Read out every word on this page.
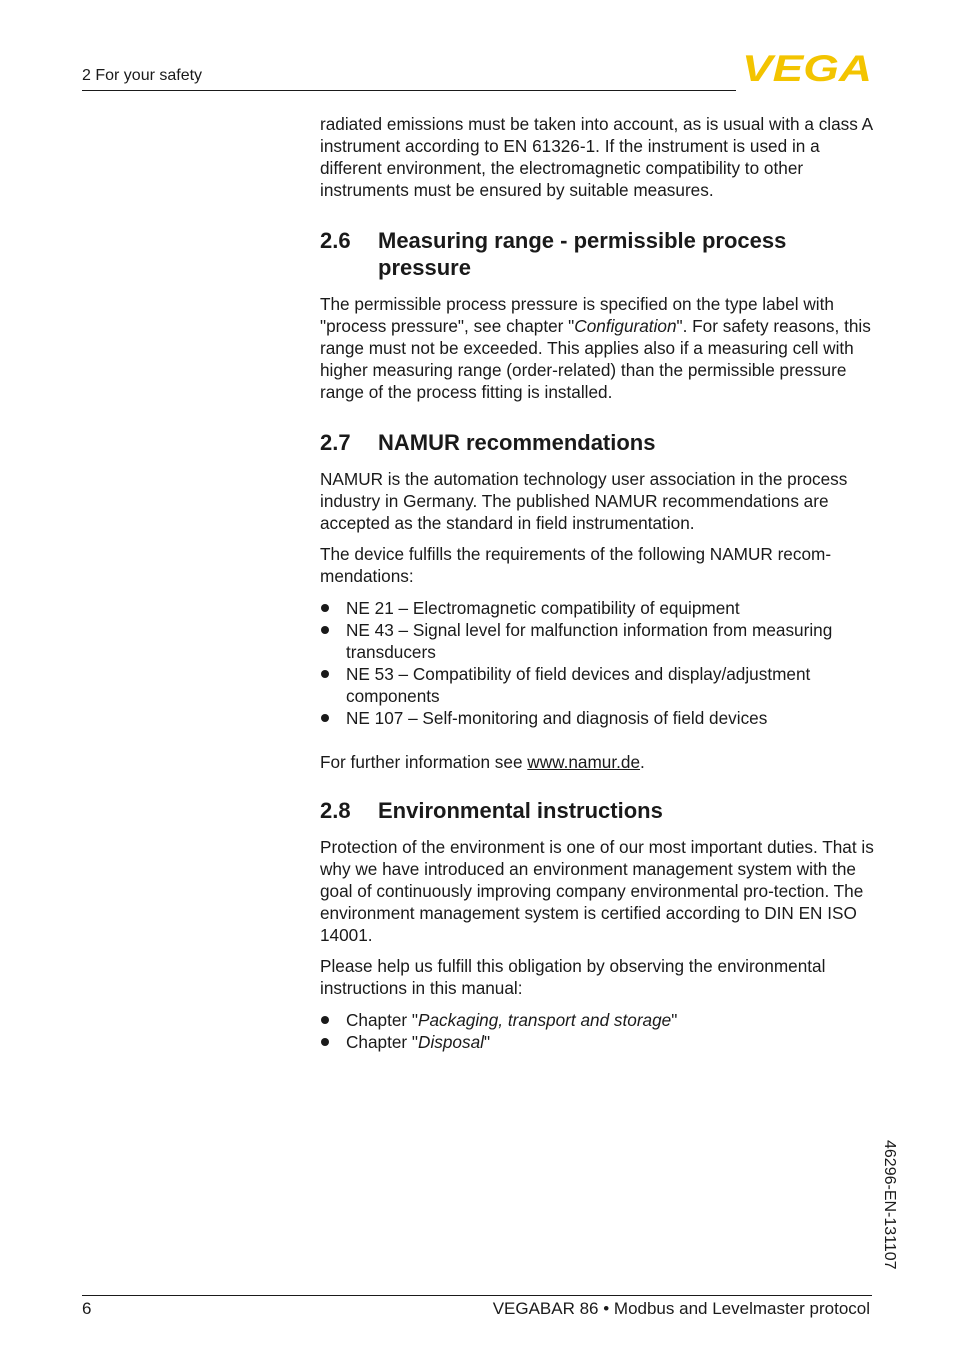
2 For your safety	VEGA

radiated emissions must be taken into account, as is usual with a class A instrument according to EN 61326-1. If the instrument is used in a different environment, the electromagnetic compatibility to other instruments must be ensured by suitable measures.

2.6	Measuring range - permissible process pressure

The permissible process pressure is specified on the type label with "process pressure", see chapter "Configuration". For safety reasons, this range must not be exceeded. This applies also if a measuring cell with higher measuring range (order-related) than the permissible pressure range of the process fitting is installed.

2.7	NAMUR recommendations

NAMUR is the automation technology user association in the process industry in Germany. The published NAMUR recommendations are accepted as the standard in field instrumentation.

The device fulfills the requirements of the following NAMUR recom-mendations:

NE 21 – Electromagnetic compatibility of equipment
NE 43 – Signal level for malfunction information from measuring transducers
NE 53 – Compatibility of field devices and display/adjustment components
NE 107 – Self-monitoring and diagnosis of field devices

For further information see www.namur.de.

2.8	Environmental instructions

Protection of the environment is one of our most important duties. That is why we have introduced an environment management system with the goal of continuously improving company environmental pro-tection. The environment management system is certified according to DIN EN ISO 14001.

Please help us fulfill this obligation by observing the environmental instructions in this manual:

Chapter "Packaging, transport and storage"
Chapter "Disposal"
46296-EN-131107
6	VEGABAR 86 • Modbus and Levelmaster protocol
